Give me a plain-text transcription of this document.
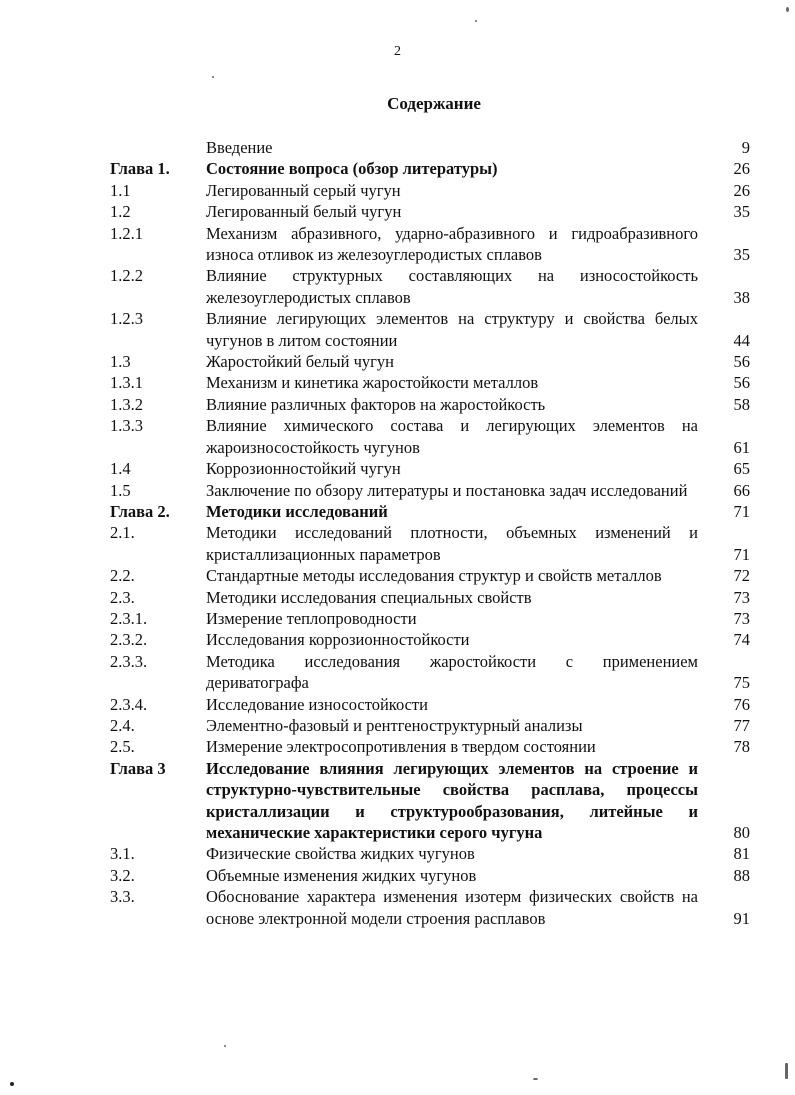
2
Содержание
Введение	9
Глава 1.	Состояние вопроса (обзор литературы)	26
1.1	Легированный серый чугун	26
1.2	Легированный белый чугун	35
1.2.1	Механизм абразивного, ударно-абразивного и гидроабразивного износа отливок из железоуглеродистых сплавов	35
1.2.2	Влияние структурных составляющих на износостойкость железоуглеродистых сплавов	38
1.2.3	Влияние легирующих элементов на структуру и свойства белых чугунов в литом состоянии	44
1.3	Жаростойкий белый чугун	56
1.3.1	Механизм и кинетика жаростойкости металлов	56
1.3.2	Влияние различных факторов на жаростойкость	58
1.3.3	Влияние химического состава и легирующих элементов на жароизносостойкость чугунов	61
1.4	Коррозионностойкий чугун	65
1.5	Заключение по обзору литературы и постановка задач исследований	66
Глава 2.	Методики исследований	71
2.1.	Методики исследований плотности, объемных изменений и кристаллизационных параметров	71
2.2.	Стандартные методы исследования структур и свойств металлов	72
2.3.	Методики исследования специальных свойств	73
2.3.1.	Измерение теплопроводности	73
2.3.2.	Исследования коррозионностойкости	74
2.3.3.	Методика исследования жаростойкости с применением дериватографа	75
2.3.4.	Исследование износостойкости	76
2.4.	Элементно-фазовый и рентгеноструктурный анализы	77
2.5.	Измерение электросопротивления в твердом состоянии	78
Глава 3	Исследование влияния легирующих элементов на строение и структурно-чувствительные свойства расплава, процессы кристаллизации и структурообразования, литейные и механические характеристики серого чугуна	80
3.1.	Физические свойства жидких чугунов	81
3.2.	Объемные изменения жидких чугунов	88
3.3.	Обоснование характера изменения изотерм физических свойств на основе электронной модели строения расплавов	91
